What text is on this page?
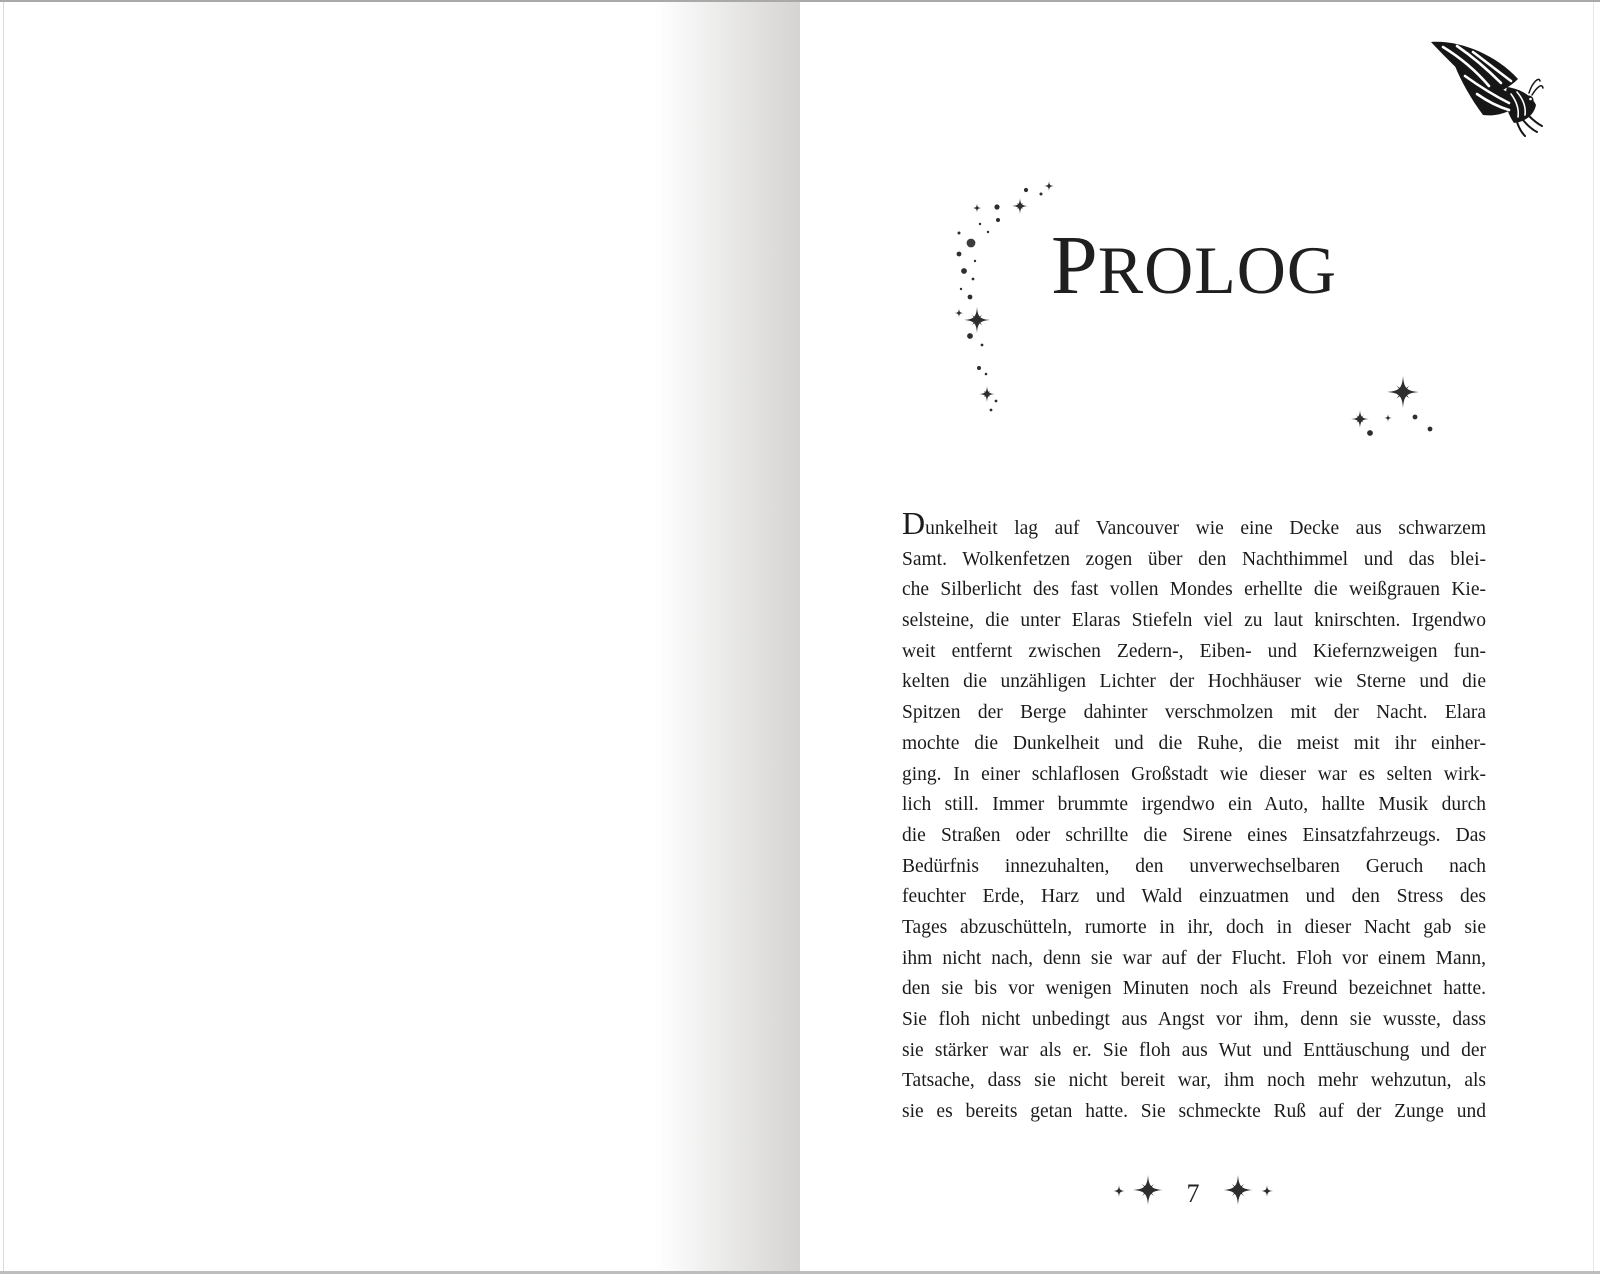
PROLOG
Dunkelheit lag auf Vancouver wie eine Decke aus schwarzem
Samt. Wolkenfetzen zogen über den Nachthimmel und das blei-
che Silberlicht des fast vollen Mondes erhellte die weißgrauen Kie-
selsteine, die unter Elaras Stiefeln viel zu laut knirschten. Irgendwo
weit entfernt zwischen Zedern-, Eiben- und Kiefernzweigen fun-
kelten die unzähligen Lichter der Hochhäuser wie Sterne und die
Spitzen der Berge dahinter verschmolzen mit der Nacht. Elara
mochte die Dunkelheit und die Ruhe, die meist mit ihr einher-
ging. In einer schlaflosen Großstadt wie dieser war es selten wirk-
lich still. Immer brummte irgendwo ein Auto, hallte Musik durch
die Straßen oder schrillte die Sirene eines Einsatzfahrzeugs. Das
Bedürfnis innezuhalten, den unverwechselbaren Geruch nach
feuchter Erde, Harz und Wald einzuatmen und den Stress des
Tages abzuschütteln, rumorte in ihr, doch in dieser Nacht gab sie
ihm nicht nach, denn sie war auf der Flucht. Floh vor einem Mann,
den sie bis vor wenigen Minuten noch als Freund bezeichnet hatte.
Sie floh nicht unbedingt aus Angst vor ihm, denn sie wusste, dass
sie stärker war als er. Sie floh aus Wut und Enttäuschung und der
Tatsache, dass sie nicht bereit war, ihm noch mehr wehzutun, als
sie es bereits getan hatte. Sie schmeckte Ruß auf der Zunge und
7
